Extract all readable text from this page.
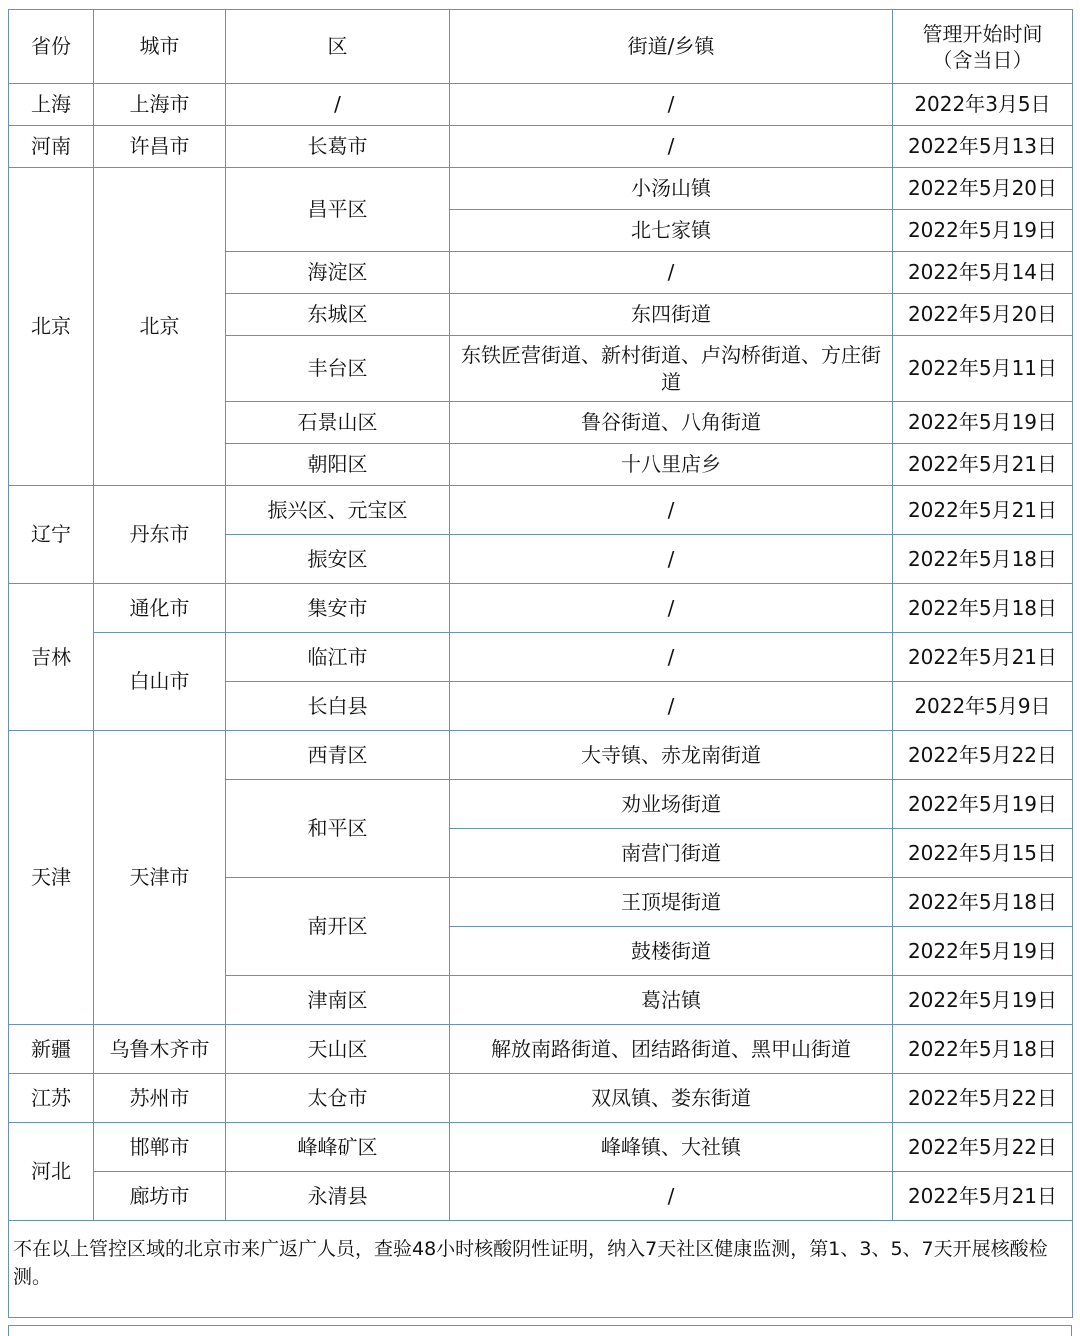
省份	城市	区	街道/乡镇	管理开始时间
（含当日）
上海	上海市	/	/	2022年3月5日
河南	许昌市	长葛市	/	2022年5月13日
北京	北京	昌平区	小汤山镇	2022年5月20日
			北七家镇	2022年5月19日
		海淀区	/	2022年5月14日
		东城区	东四街道	2022年5月20日
		丰台区	东铁匠营街道、新村街道、卢沟桥街道、方庄街道	2022年5月11日
		石景山区	鲁谷街道、八角街道	2022年5月19日
		朝阳区	十八里店乡	2022年5月21日

辽宁	丹东市	振兴区、元宝区	/	2022年5月21日
		振安区	/	2022年5月18日
吉林	通化市	集安市	/	2022年5月18日
	白山市	临江市	/	2022年5月21日
		长白县	/	2022年5月9日
天津	天津市	西青区	大寺镇、赤龙南街道	2022年5月22日
		和平区	劝业场街道	2022年5月19日
			南营门街道	2022年5月15日
		南开区	王顶堤街道	2022年5月18日
			鼓楼街道	2022年5月19日
		津南区	葛沽镇	2022年5月19日
新疆	乌鲁木齐市	天山区	解放南路街道、团结路街道、黑甲山街道	2022年5月18日
江苏	苏州市	太仓市	双凤镇、娄东街道	2022年5月22日
河北	邯郸市	峰峰矿区	峰峰镇、大社镇	2022年5月22日
	廊坊市	永清县	/	2022年5月21日
不在以上管控区域的北京市来广返广人员，查验48小时核酸阴性证明，纳入7天社区健康监测，第1、3、5、7天开展核酸检测。				
